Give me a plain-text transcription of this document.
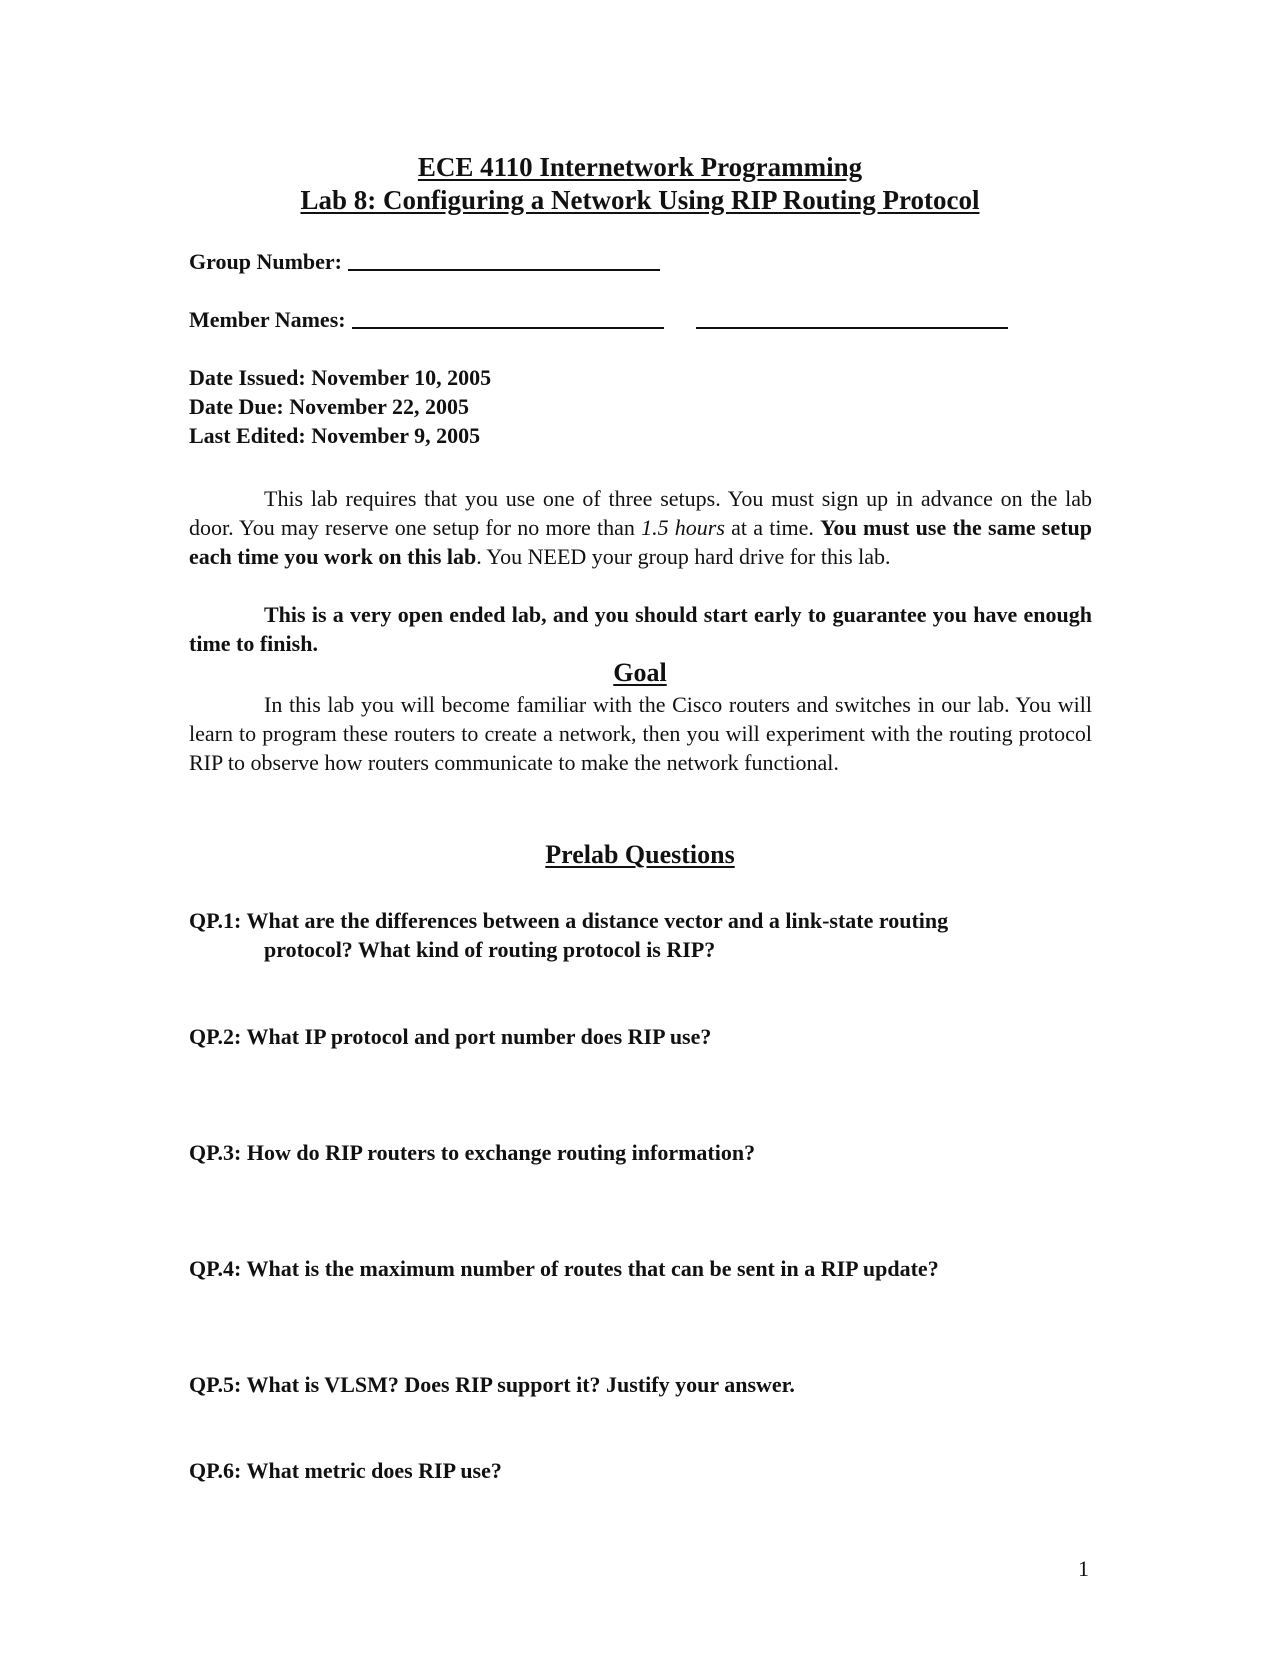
ECE 4110 Internetwork Programming
Lab 8: Configuring a Network Using RIP Routing Protocol
Group Number:
Member Names:
Date Issued: November 10, 2005
Date Due: November 22, 2005
Last Edited: November 9, 2005
This lab requires that you use one of three setups. You must sign up in advance on the lab door. You may reserve one setup for no more than 1.5 hours at a time. You must use the same setup each time you work on this lab. You NEED your group hard drive for this lab.
This is a very open ended lab, and you should start early to guarantee you have enough time to finish.
Goal
In this lab you will become familiar with the Cisco routers and switches in our lab. You will learn to program these routers to create a network, then you will experiment with the routing protocol RIP to observe how routers communicate to make the network functional.
Prelab Questions
QP.1: What are the differences between a distance vector and a link-state routing
protocol? What kind of routing protocol is RIP?
QP.2: What IP protocol and port number does RIP use?
QP.3: How do RIP routers to exchange routing information?
QP.4: What is the maximum number of routes that can be sent in a RIP update?
QP.5: What is VLSM? Does RIP support it? Justify your answer.
QP.6: What metric does RIP use?
1
